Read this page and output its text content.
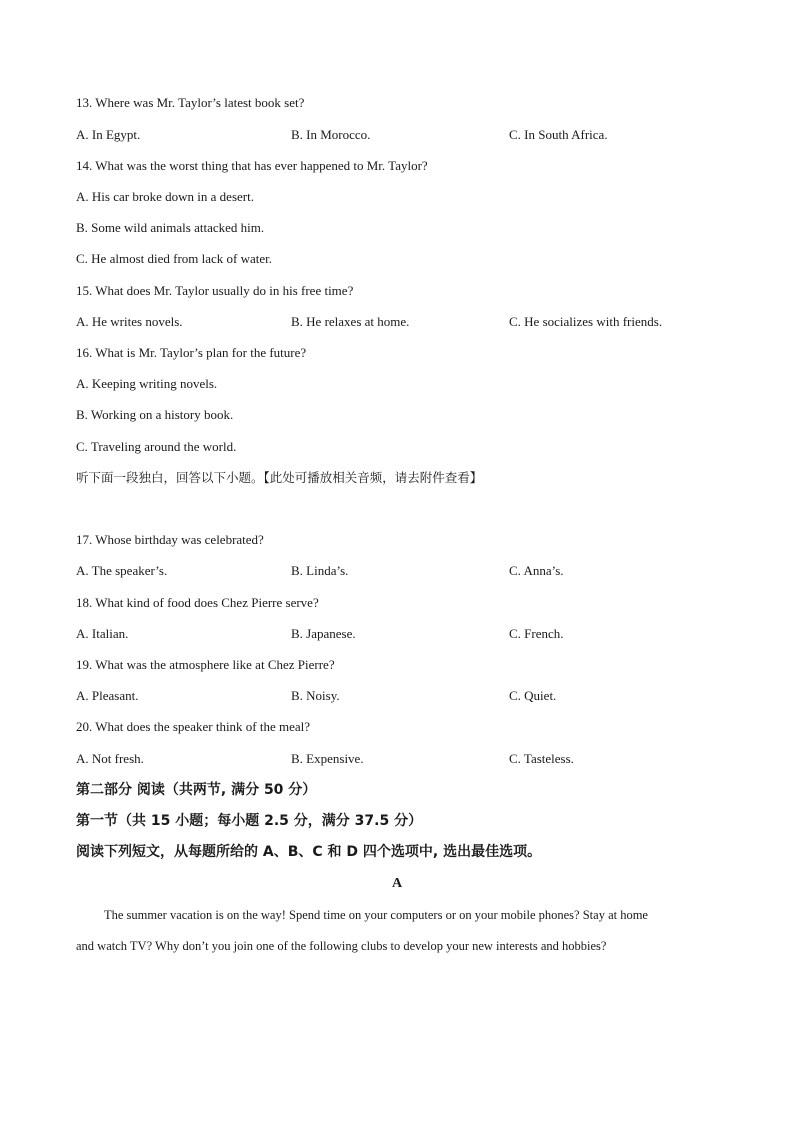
13. Where was Mr. Taylor’s latest book set?
A. In Egypt.	B. In Morocco.	C. In South Africa.
14. What was the worst thing that has ever happened to Mr. Taylor?
A. His car broke down in a desert.
B. Some wild animals attacked him.
C. He almost died from lack of water.
15. What does Mr. Taylor usually do in his free time?
A. He writes novels.	B. He relaxes at home.	C. He socializes with friends.
16. What is Mr. Taylor’s plan for the future?
A. Keeping writing novels.
B. Working on a history book.
C. Traveling around the world.
听下面一段独白，回答以下小题。【此处可播放相关音频，请去附件查看】
17. Whose birthday was celebrated?
A. The speaker’s.	B. Linda’s.	C. Anna’s.
18. What kind of food does Chez Pierre serve?
A. Italian.	B. Japanese.	C. French.
19. What was the atmosphere like at Chez Pierre?
A. Pleasant.	B. Noisy.	C. Quiet.
20. What does the speaker think of the meal?
A. Not fresh.	B. Expensive.	C. Tasteless.
第二部分 阅读（共两节, 满分 50 分）
第一节（共 15 小题；每小题 2.5 分，满分 37.5 分）
阅读下列短文，从每题所给的 A、B、C 和 D 四个选项中, 选出最佳选项。
A
The summer vacation is on the way! Spend time on your computers or on your mobile phones? Stay at home
and watch TV? Why don’t you join one of the following clubs to develop your new interests and hobbies?
